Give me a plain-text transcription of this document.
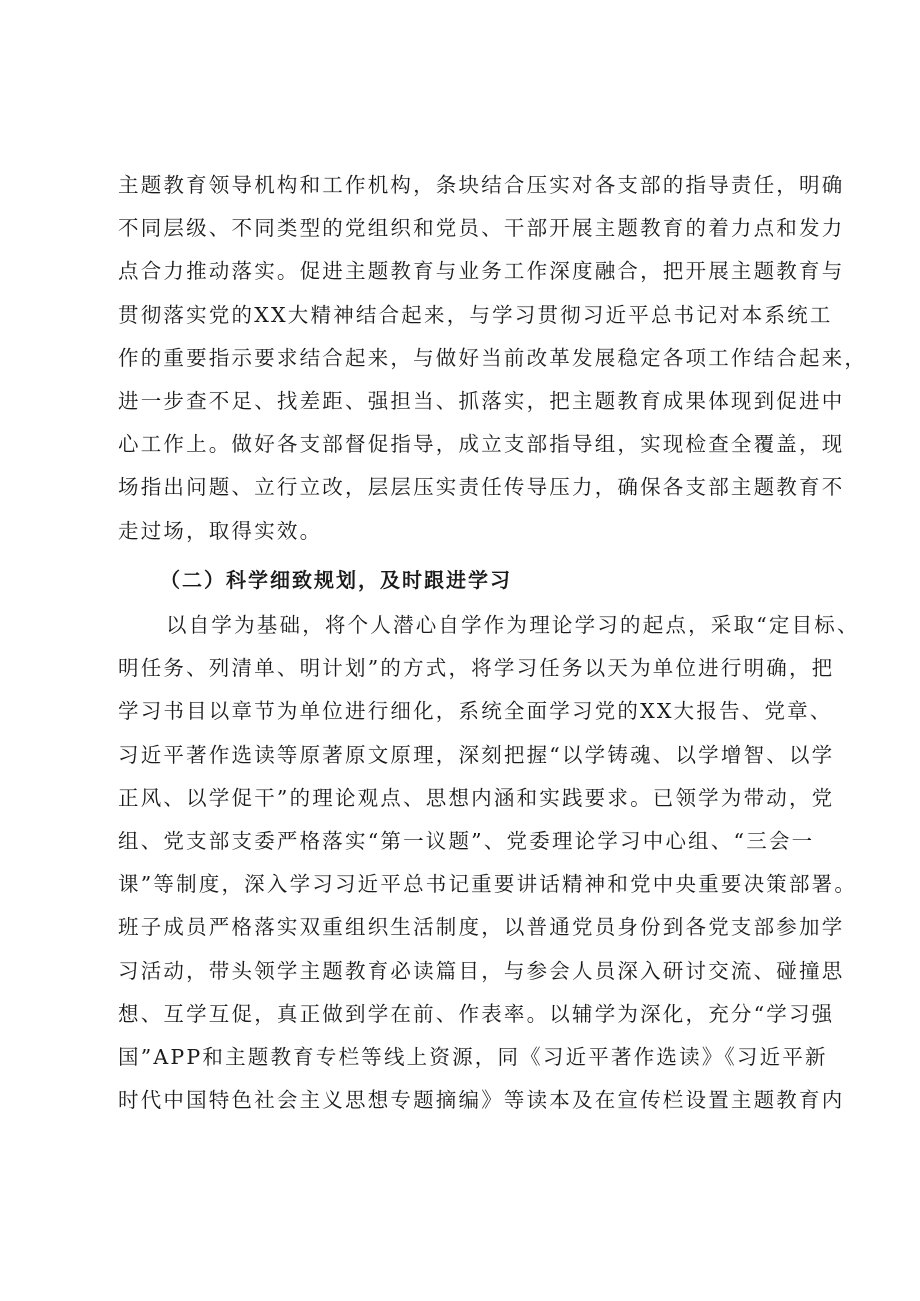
主题教育领导机构和工作机构，条块结合压实对各支部的指导责任，明确
不同层级、不同类型的党组织和党员、干部开展主题教育的着力点和发力
点合力推动落实。促进主题教育与业务工作深度融合，把开展主题教育与
贯彻落实党的XX大精神结合起来，与学习贯彻习近平总书记对本系统工
作的重要指示要求结合起来，与做好当前改革发展稳定各项工作结合起来，
进一步查不足、找差距、强担当、抓落实，把主题教育成果体现到促进中
心工作上。做好各支部督促指导，成立支部指导组，实现检查全覆盖，现
场指出问题、立行立改，层层压实责任传导压力，确保各支部主题教育不
走过场，取得实效。
（二）科学细致规划，及时跟进学习
以自学为基础，将个人潜心自学作为理论学习的起点，采取“定目标、
明任务、列清单、明计划”的方式，将学习任务以天为单位进行明确，把
学习书目以章节为单位进行细化，系统全面学习党的XX大报告、党章、
习近平著作选读等原著原文原理，深刻把握“以学铸魂、以学增智、以学
正风、以学促干”的理论观点、思想内涵和实践要求。已领学为带动，党
组、党支部支委严格落实“第一议题”、党委理论学习中心组、“三会一
课”等制度，深入学习习近平总书记重要讲话精神和党中央重要决策部署。
班子成员严格落实双重组织生活制度，以普通党员身份到各党支部参加学
习活动，带头领学主题教育必读篇目，与参会人员深入研讨交流、碰撞思
想、互学互促，真正做到学在前、作表率。以辅学为深化，充分“学习强
国”APP和主题教育专栏等线上资源，同《习近平著作选读》《习近平新
时代中国特色社会主义思想专题摘编》等读本及在宣传栏设置主题教育内
